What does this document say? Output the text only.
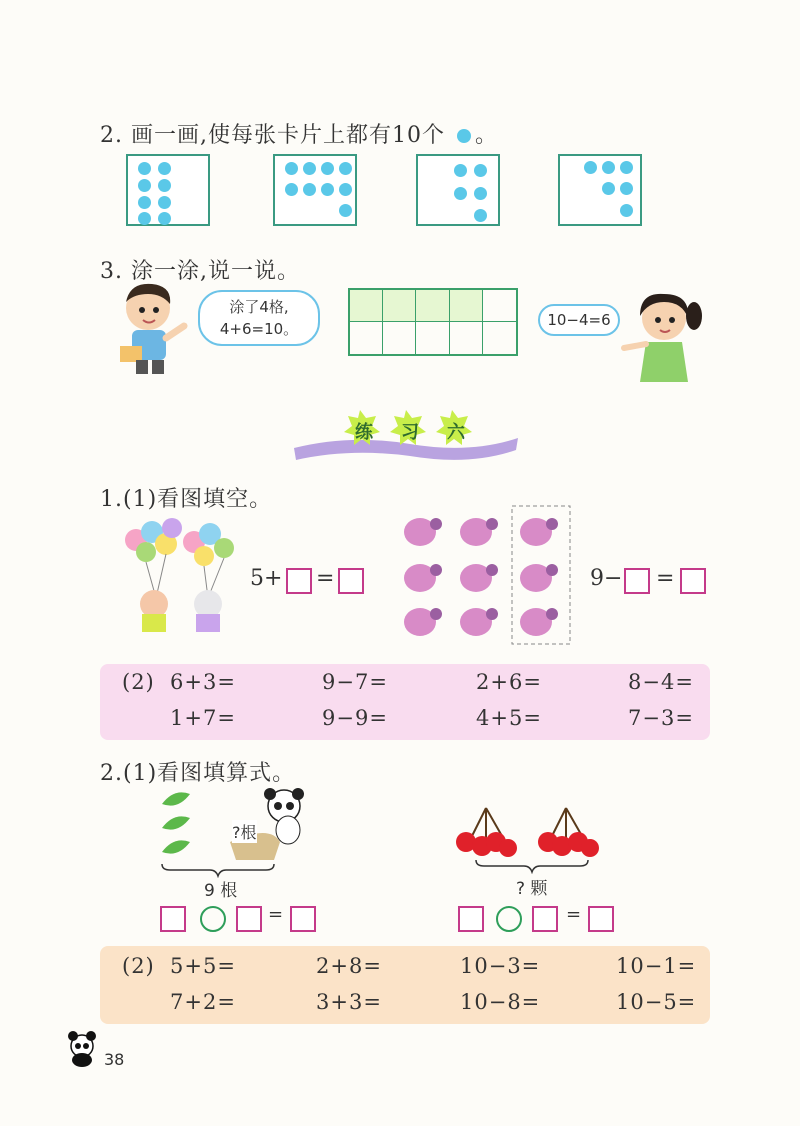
2. 画一画,使每张卡片上都有10个 。
3. 涂一涂,说一说。
涂了4格,
4+6=10。	10−4=6
练 习 六
1.(1)看图填空。
5+ =	9− =
(2) 6+3=	9−7=	2+6=	8−4=
1+7=	9−9=	4+5=	7−3=
2.(1)看图填算式。
?根
9 根
=
? 颗
=
(2) 5+5=	2+8=	10−3=	10−1=
7+2=	3+3=	10−8=	10−5=
38
